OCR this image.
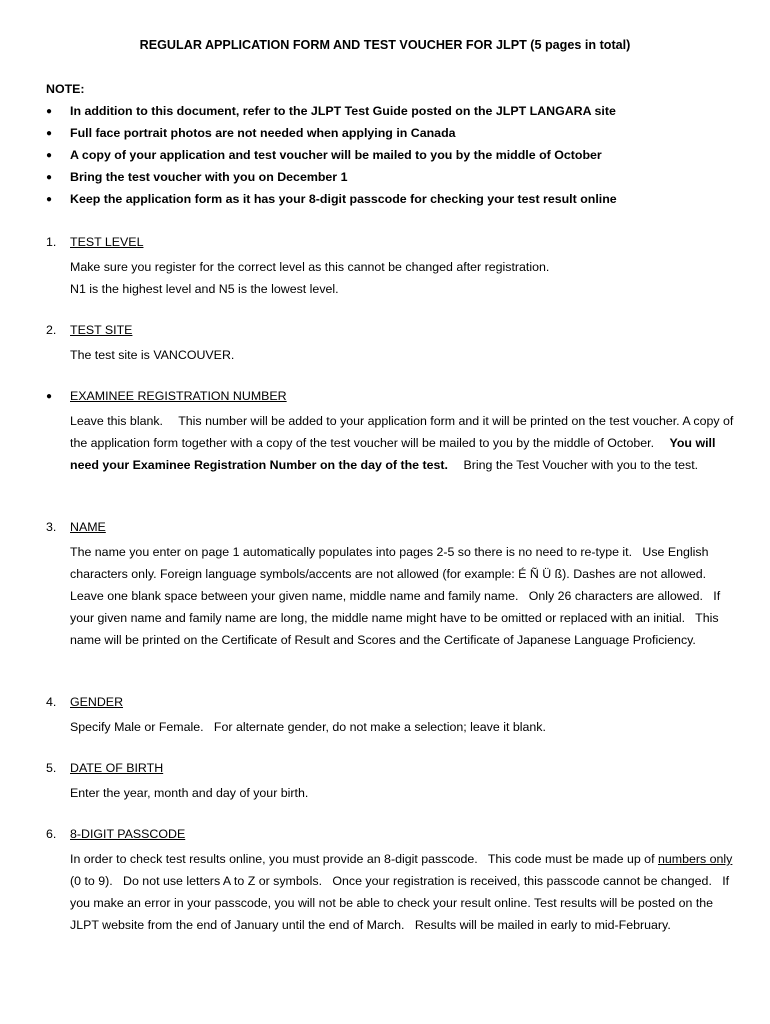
REGULAR APPLICATION FORM AND TEST VOUCHER FOR JLPT (5 pages in total)
NOTE:
●	In addition to this document, refer to the JLPT Test Guide posted on the JLPT LANGARA site
●	Full face portrait photos are not needed when applying in Canada
●	A copy of your application and test voucher will be mailed to you by the middle of October
●	Bring the test voucher with you on December 1
●	Keep the application form as it has your 8-digit passcode for checking your test result online
1.	TEST LEVEL

Make sure you register for the correct level as this cannot be changed after registration.

N1 is the highest level and N5 is the lowest level.

2.	TEST SITE

The test site is VANCOUVER.

●	EXAMINEE REGISTRATION NUMBER
Leave this blank. This number will be added to your application form and it will be printed on the test voucher. A copy of the application form together with a copy of the test voucher will be mailed to you by the middle of October. You will need your Examinee Registration Number on the day of the test. Bring the Test Voucher with you to the test.
3.	NAME
The name you enter on page 1 automatically populates into pages 2-5 so there is no need to re-type it.   Use English characters only. Foreign language symbols/accents are not allowed (for example: É Ñ Ü ß). Dashes are not allowed.   Leave one blank space between your given name, middle name and family name.   Only 26 characters are allowed.   If your given name and family name are long, the middle name might have to be omitted or replaced with an initial.   This name will be printed on the Certificate of Result and Scores and the Certificate of Japanese Language Proficiency.
4.	GENDER
Specify Male or Female.   For alternate gender, do not make a selection; leave it blank.
5.	DATE OF BIRTH
Enter the year, month and day of your birth.
6.	8-DIGIT PASSCODE
In order to check test results online, you must provide an 8-digit passcode.   This code must be made up of numbers only (0 to 9).   Do not use letters A to Z or symbols.   Once your registration is received, this passcode cannot be changed.   If you make an error in your passcode, you will not be able to check your result online. Test results will be posted on the JLPT website from the end of January until the end of March.   Results will be mailed in early to mid-February.
